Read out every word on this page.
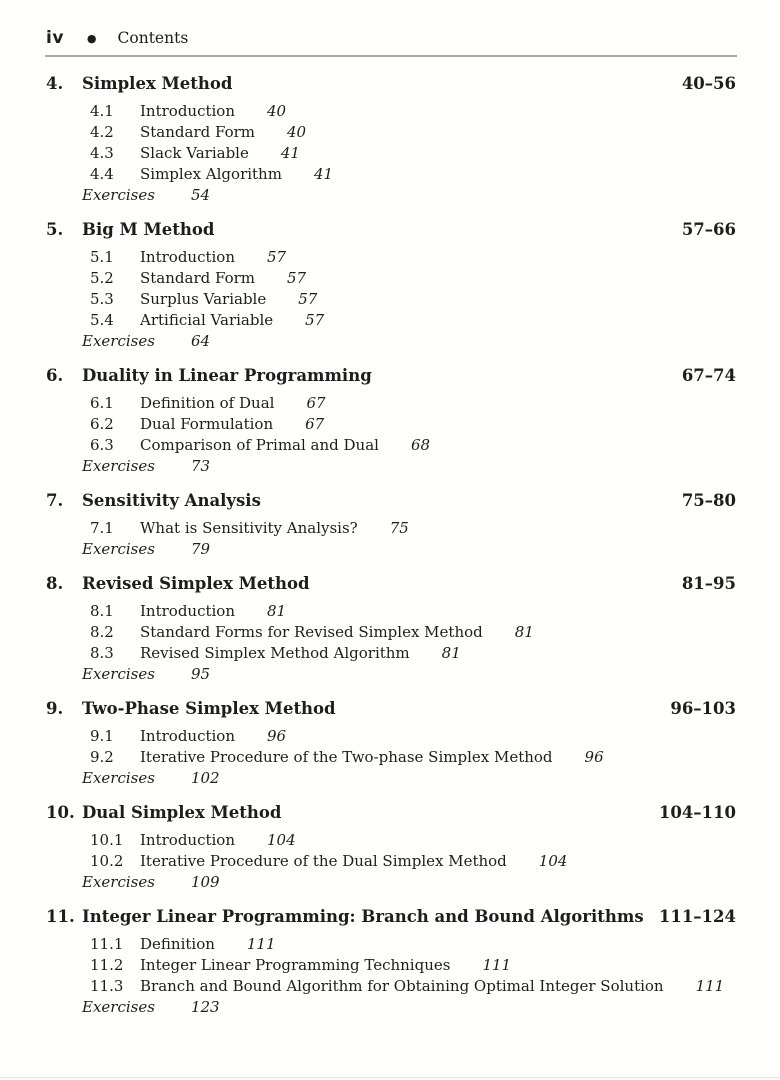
iv ● Contents
4.	Simplex Method	40–56
4.1	Introduction 40
4.2	Standard Form 40
4.3	Slack Variable 41
4.4	Simplex Algorithm 41
Exercises 54
5.	Big M Method	57–66
5.1	Introduction 57
5.2	Standard Form 57
5.3	Surplus Variable 57
5.4	Artificial Variable 57
Exercises 64
6.	Duality in Linear Programming	67–74
6.1	Definition of Dual 67
6.2	Dual Formulation 67
6.3	Comparison of Primal and Dual 68
Exercises 73
7.	Sensitivity Analysis	75–80
7.1	What is Sensitivity Analysis? 75
Exercises 79
8.	Revised Simplex Method	81–95
8.1	Introduction 81
8.2	Standard Forms for Revised Simplex Method 81
8.3	Revised Simplex Method Algorithm 81
Exercises 95
9.	Two-Phase Simplex Method	96–103
9.1	Introduction 96
9.2	Iterative Procedure of the Two-phase Simplex Method 96
Exercises 102
10. Dual Simplex Method	104–110
10.1	Introduction 104
10.2	Iterative Procedure of the Dual Simplex Method 104
Exercises 109
11. Integer Linear Programming: Branch and Bound Algorithms 111–124
11.1	Definition 111
11.2	Integer Linear Programming Techniques 111
11.3	Branch and Bound Algorithm for Obtaining Optimal Integer Solution 111
Exercises 123
